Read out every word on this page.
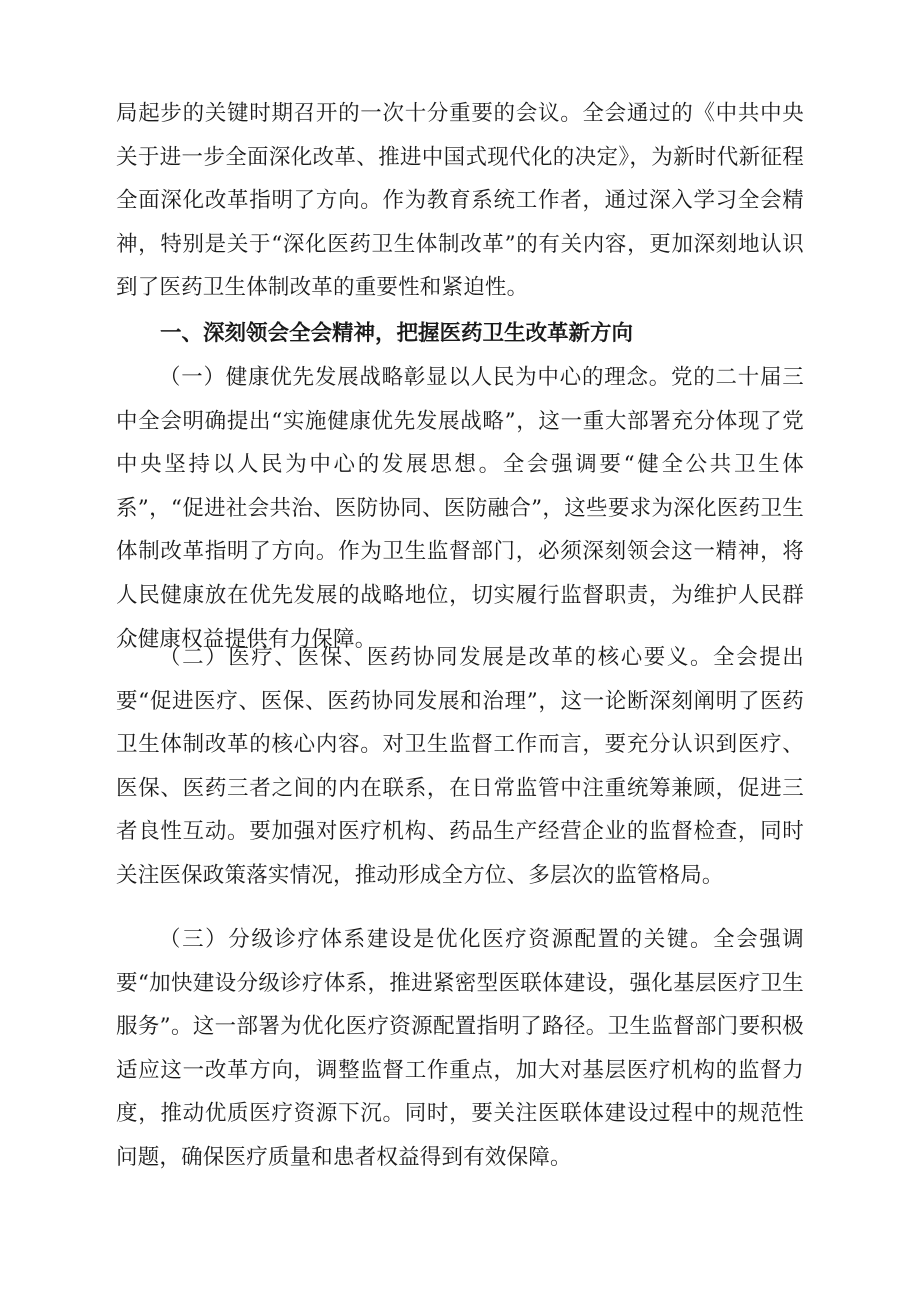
局起步的关键时期召开的一次十分重要的会议。全会通过的《中共中央关于进一步全面深化改革、推进中国式现代化的决定》，为新时代新征程全面深化改革指明了方向。作为教育系统工作者，通过深入学习全会精神，特别是关于“深化医药卫生体制改革”的有关内容，更加深刻地认识到了医药卫生体制改革的重要性和紧迫性。

一、深刻领会全会精神，把握医药卫生改革新方向

（一）健康优先发展战略彰显以人民为中心的理念。党的二十届三中全会明确提出“实施健康优先发展战略”，这一重大部署充分体现了党中央坚持以人民为中心的发展思想。全会强调要“健全公共卫生体系”，“促进社会共治、医防协同、医防融合”，这些要求为深化医药卫生体制改革指明了方向。作为卫生监督部门，必须深刻领会这一精神，将人民健康放在优先发展的战略地位，切实履行监督职责，为维护人民群众健康权益提供有力保障。

（二）医疗、医保、医药协同发展是改革的核心要义。全会提出要“促进医疗、医保、医药协同发展和治理”，这一论断深刻阐明了医药卫生体制改革的核心内容。对卫生监督工作而言，要充分认识到医疗、医保、医药三者之间的内在联系，在日常监管中注重统筹兼顾，促进三者良性互动。要加强对医疗机构、药品生产经营企业的监督检查，同时关注医保政策落实情况，推动形成全方位、多层次的监管格局。

（三）分级诊疗体系建设是优化医疗资源配置的关键。全会强调要“加快建设分级诊疗体系，推进紧密型医联体建设，强化基层医疗卫生服务”。这一部署为优化医疗资源配置指明了路径。卫生监督部门要积极适应这一改革方向，调整监督工作重点，加大对基层医疗机构的监督力度，推动优质医疗资源下沉。同时，要关注医联体建设过程中的规范性问题，确保医疗质量和患者权益得到有效保障。
